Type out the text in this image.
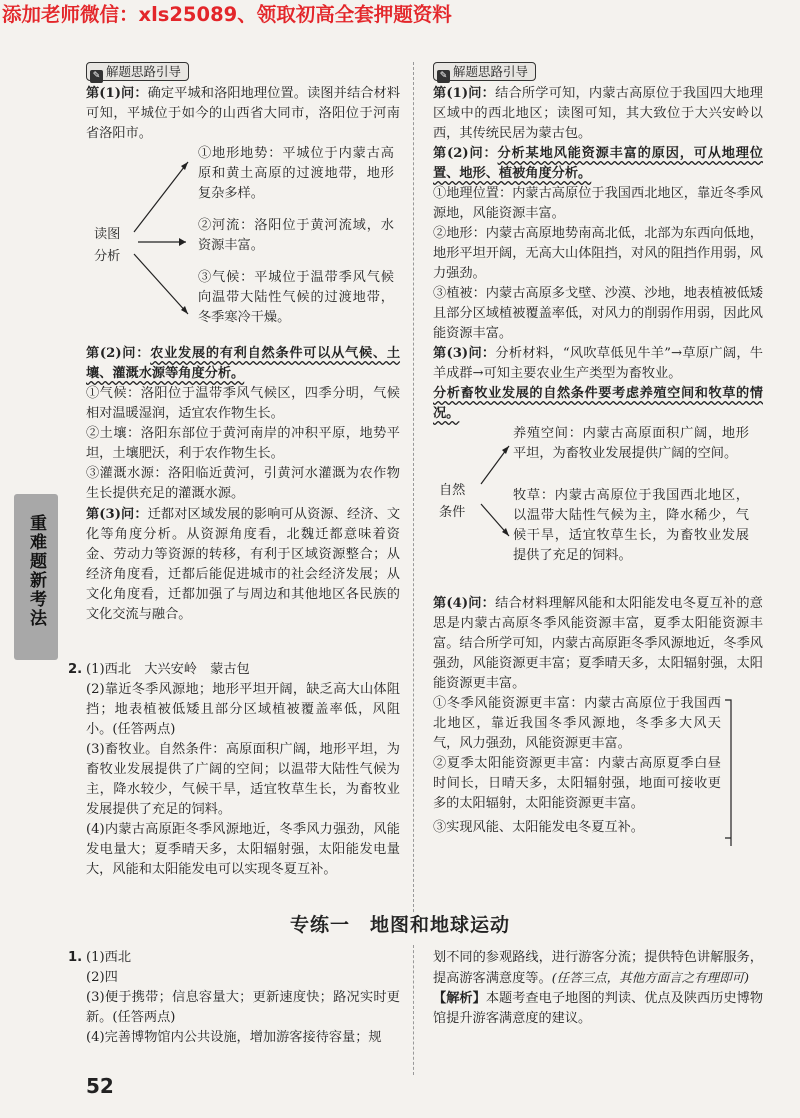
添加老师微信：xls25089、领取初高全套押题资料
重难题新考法
✎ 解题思路引导

第(1)问：确定平城和洛阳地理位置。读图并结合材料可知，平城位于如今的山西省大同市，洛阳位于河南省洛阳市。

读图
分析

①地形地势：平城位于内蒙古高原和黄土高原的过渡地带，地形复杂多样。

②河流：洛阳位于黄河流域，水资源丰富。

③气候：平城位于温带季风气候向温带大陆性气候的过渡地带，冬季寒冷干燥。

第(2)问：农业发展的有利自然条件可以从气候、土壤、灌溉水源等角度分析。

①气候：洛阳位于温带季风气候区，四季分明，气候相对温暖湿润，适宜农作物生长。

②土壤：洛阳东部位于黄河南岸的冲积平原，地势平坦，土壤肥沃，利于农作物生长。

③灌溉水源：洛阳临近黄河，引黄河水灌溉为农作物生长提供充足的灌溉水源。

第(3)问：迁都对区域发展的影响可从资源、经济、文化等角度分析。从资源角度看，北魏迁都意味着资金、劳动力等资源的转移，有利于区域资源整合；从经济角度看，迁都后能促进城市的社会经济发展；从文化角度看，迁都加强了与周边和其他地区各民族的文化交流与融合。

2. (1)西北　大兴安岭　蒙古包

(2)靠近冬季风源地；地形平坦开阔，缺乏高大山体阻挡；地表植被低矮且部分区域植被覆盖率低，风阻小。(任答两点)

(3)畜牧业。自然条件：高原面积广阔，地形平坦，为畜牧业发展提供了广阔的空间；以温带大陆性气候为主，降水较少，气候干旱，适宜牧草生长，为畜牧业发展提供了充足的饲料。

(4)内蒙古高原距冬季风源地近，冬季风力强劲，风能发电量大；夏季晴天多，太阳辐射强，太阳能发电量大，风能和太阳能发电可以实现冬夏互补。

✎ 解题思路引导

第(1)问：结合所学可知，内蒙古高原位于我国四大地理区域中的西北地区；读图可知，其大致位于大兴安岭以西，其传统民居为蒙古包。

第(2)问：分析某地风能资源丰富的原因，可从地理位置、地形、植被角度分析。

①地理位置：内蒙古高原位于我国西北地区，靠近冬季风源地，风能资源丰富。

②地形：内蒙古高原地势南高北低，北部为东西向低地，地形平坦开阔，无高大山体阻挡，对风的阻挡作用弱，风力强劲。

③植被：内蒙古高原多戈壁、沙漠、沙地，地表植被低矮且部分区域植被覆盖率低，对风力的削弱作用弱，因此风能资源丰富。

第(3)问：分析材料，“风吹草低见牛羊”→草原广阔，牛羊成群→可知主要农业生产类型为畜牧业。

分析畜牧业发展的自然条件要考虑养殖空间和牧草的情况。

自然
条件

养殖空间：内蒙古高原面积广阔，地形平坦，为畜牧业发展提供广阔的空间。

牧草：内蒙古高原位于我国西北地区，以温带大陆性气候为主，降水稀少，气候干旱，适宜牧草生长，为畜牧业发展提供了充足的饲料。

第(4)问：结合材料理解风能和太阳能发电冬夏互补的意思是内蒙古高原冬季风能资源丰富，夏季太阳能资源丰富。结合所学可知，内蒙古高原距冬季风源地近，冬季风强劲，风能资源更丰富；夏季晴天多，太阳辐射强，太阳能资源更丰富。

①冬季风能资源更丰富：内蒙古高原位于我国西北地区，靠近我国冬季风源地，冬季多大风天气，风力强劲，风能资源更丰富。

②夏季太阳能资源更丰富：内蒙古高原夏季白昼时间长，日晴天多，太阳辐射强，地面可接收更多的太阳辐射，太阳能资源更丰富。

③实现风能、太阳能发电冬夏互补。

专练一　地图和地球运动
1. (1)西北

(2)四

(3)便于携带；信息容量大；更新速度快；路况实时更新。(任答两点)

(4)完善博物馆内公共设施，增加游客接待容量；规

划不同的参观路线，进行游客分流；提供特色讲解服务，提高游客满意度等。(任答三点，其他方面言之有理即可)

【解析】本题考查电子地图的判读、优点及陕西历史博物馆提升游客满意度的建议。

52
